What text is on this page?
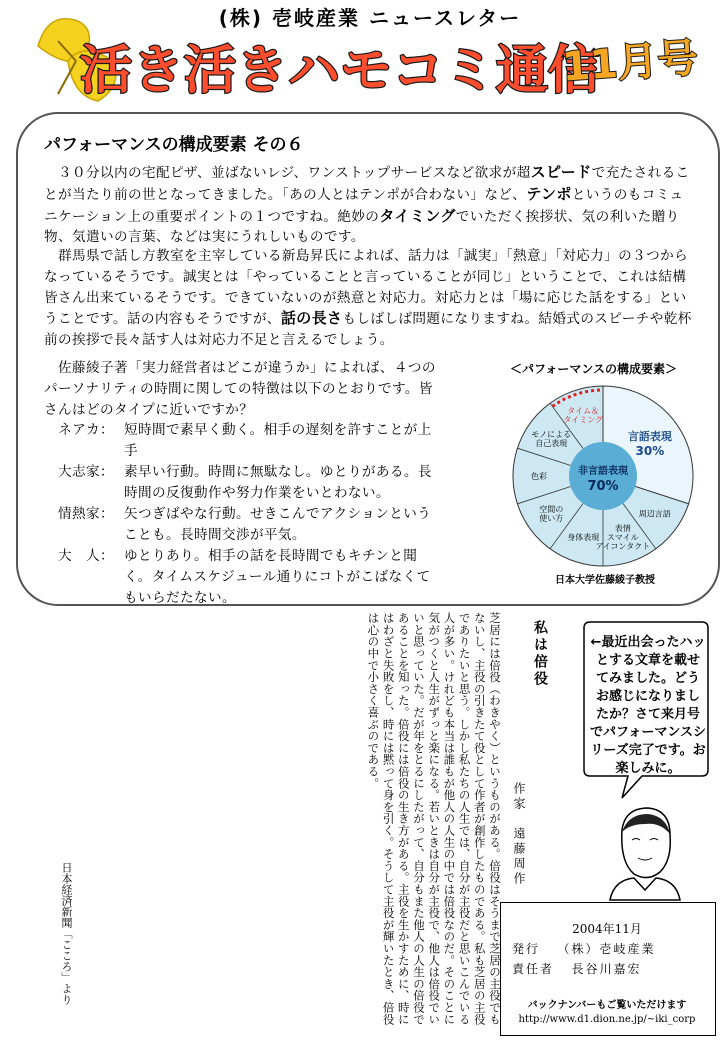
(株) 壱岐産業 ニュースレター
活き活きハモコミ通信
11月号
パフォーマンスの構成要素 その６

　３０分以内の宅配ピザ、並ばないレジ、ワンストップサービスなど欲求が超スピードで充たされることが当たり前の世となってきました。「あの人とはテンポが合わない」など、テンポというのもコミュニケーション上の重要ポイントの１つですね。絶妙のタイミングでいただく挨拶状、気の利いた贈り物、気遣いの言葉、などは実にうれしいものです。

　群馬県で話し方教室を主宰している新島昇氏によれば、話力は「誠実」「熱意」「対応力」の３つからなっているそうです。誠実とは「やっていることと言っていることが同じ」ということで、これは結構皆さん出来ているそうです。できていないのが熱意と対応力。対応力とは「場に応じた話をする」ということです。話の内容もそうですが、話の長さもしばしば問題になりますね。結婚式のスピーチや乾杯前の挨拶で長々話す人は対応力不足と言えるでしょう。

　佐藤綾子著「実力経営者はどこが違うか」によれば、４つのパーソナリティの時間に関しての特徴は以下のとおりです。皆さんはどのタイプに近いですか？

ネアカ： 短時間で素早く動く。相手の遅刻を許すことが上手
大志家： 素早い行動。時間に無駄なし。ゆとりがある。長時間の反復動作や努力作業をいとわない。
情熱家： 矢つぎばやな行動。せきこんでアクションということも。長時間交渉が平気。
大　人： ゆとりあり。相手の話を長時間でもキチンと聞く。タイムスケジュール通りにコトがこばなくてもいらだたない。
＜パフォーマンスの構成要素＞
周辺言語
表情スマイルアイコンタクト
身体表現
空間の使い方
色彩
モノによる自己表現
タイム＆タイミング
言語表現
30%
非言語表現
70%
日本大学佐藤綾子教授
私は倍役
作家　遠藤周作
芝居には倍役（わきやく）というものがある。倍役はそうまで芝居の主役でもないし、主役の引きたて役として作者が創作したものである。私も芝居の主役でありたいと思う。しかし私たちの人生では、自分が主役だと思いこんでいる人が多い。けれども本当は誰もが他人の人生の中では倍役なのだ。そのことに気がつくと人生がずっと楽になる。若いときは自分が主役で、他人は倍役でいいと思っていた。だが年をとるにしたがって、自分もまた他人の人生の倍役であることを知った。倍役には倍役の生き方がある。主役を生かすために、時にはわざと失敗をし、時には黙って身を引く。そうして主役が輝いたとき、倍役は心の中で小さく喜ぶのである。
日本経済新聞「こころ」より
←最近出会ったハッとする文章を載せてみました。どうお感じになりましたか？さて来月号でパフォーマンスシリーズ完了です。お楽しみに。
2004年11月
発行 （株）壱岐産業
責任者 長谷川嘉宏
バックナンバーもご覧いただけます
http://www.d1.dion.ne.jp/~iki_corp
